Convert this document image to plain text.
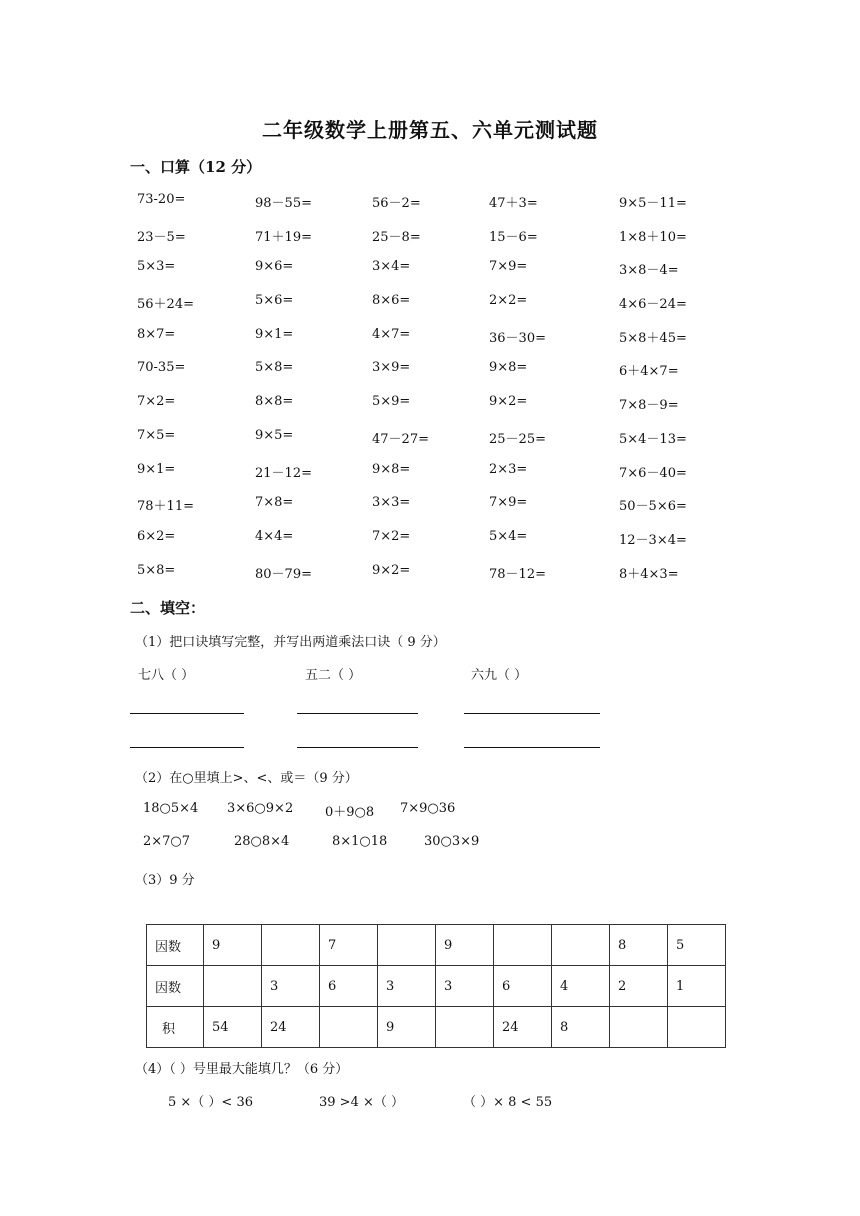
二年级数学上册第五、六单元测试题
一、口算（12 分）
73-20=	98－55=	56－2=	47＋3=	9×5－11=
23－5=	71＋19=	25－8=	15－6=	1×8＋10=
5×3=	9×6=	3×4=	7×9=	3×8－4=
56＋24=	5×6=	8×6=	2×2=	4×6－24=
8×7=	9×1=	4×7=	36－30=	5×8＋45=
70-35=	5×8=	3×9=	9×8=	6＋4×7=
7×2=	8×8=	5×9=	9×2=	7×8－9=
7×5=	9×5=	47－27=	25－25=	5×4－13=
9×1=	21－12=	9×8=	2×3=	7×6－40=
78＋11=	7×8=	3×3=	7×9=	50－5×6=
6×2=	4×4=	7×2=	5×4=	12－3×4=
5×8=	80－79=	9×2=	78－12=	8＋4×3=
二、填空：
（1）把口诀填写完整，并写出两道乘法口诀（ 9 分）
七八（ ）	五二（ ）	六九（ ）
（2）在○里填上>、<、或＝（9 分）
18○5×4 3×6○9×2 0＋9○8 7×9○36
2×7○7	28○8×4	8×1○18	30○3×9
（3）9 分
因数	9		7		9			8	5
因数		3	6	3	3	6	4	2	1
积	54	24		9		24	8		
（4）（ ）号里最大能填几？（6 分）
5 ×（ ）< 36	39 >4 ×（ ）	（ ）× 8 < 55
